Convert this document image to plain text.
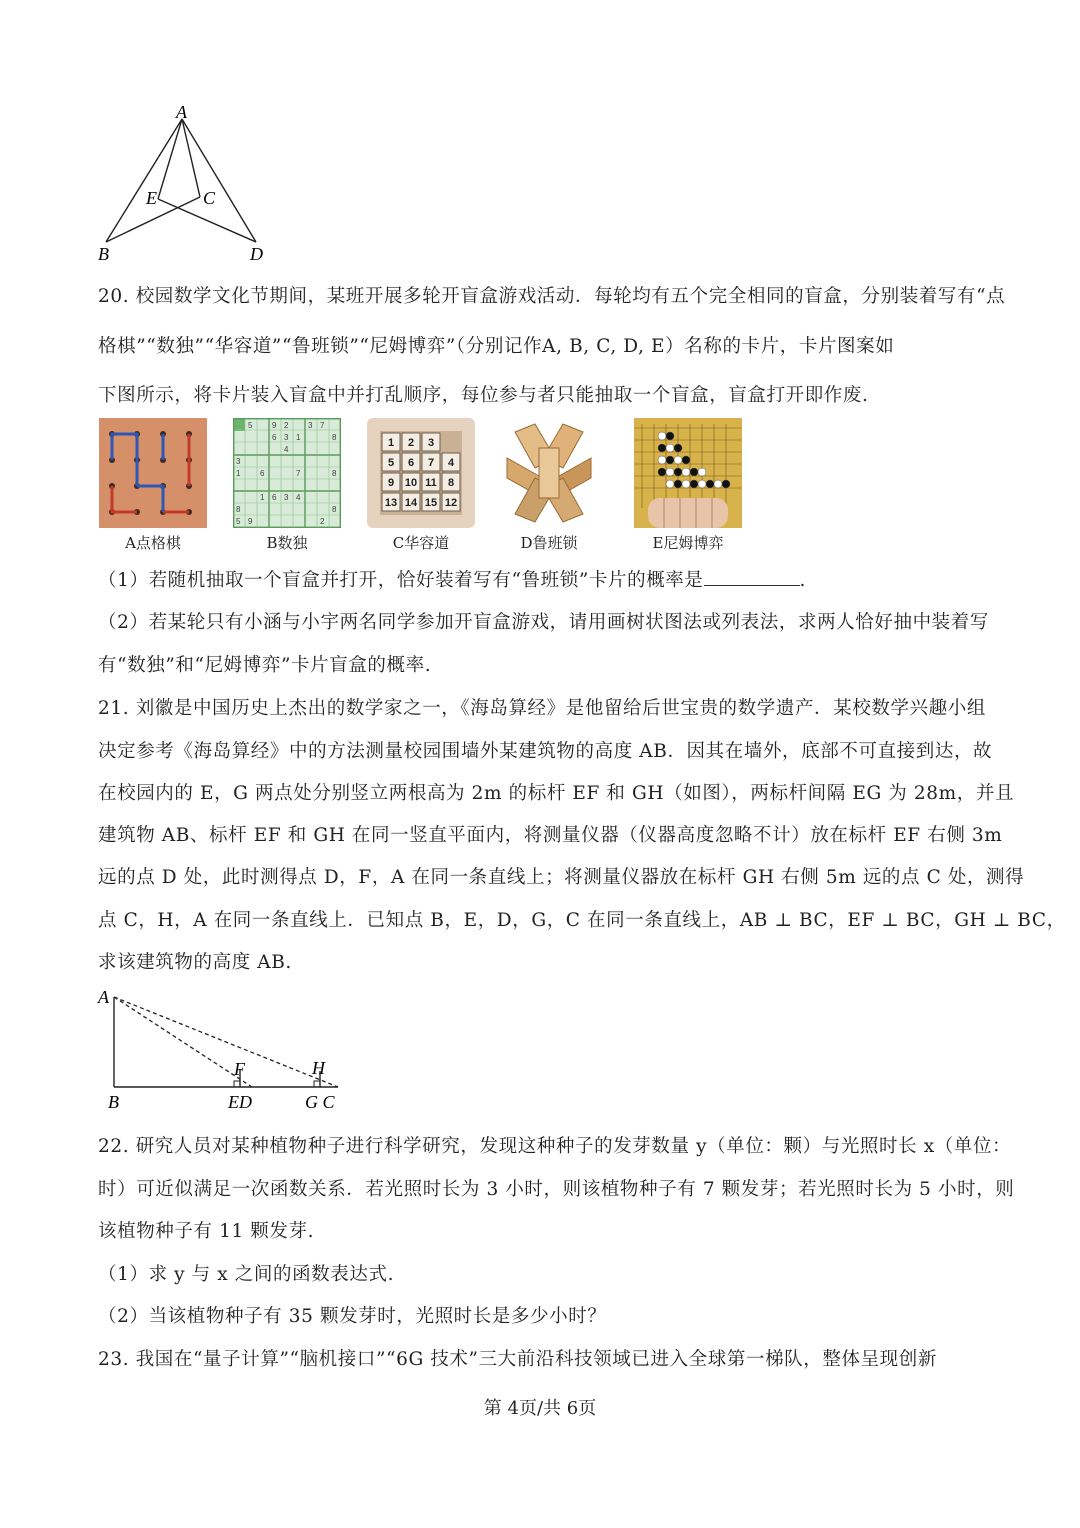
A
E	C
B	D
20. 校园数学文化节期间，某班开展多轮开盲盒游戏活动．每轮均有五个完全相同的盲盒，分别装着写有“点
格棋”“数独”“华容道”“鲁班锁”“尼姆博弈”（分别记作A, B, C, D, E）名称的卡片，卡片图案如
下图所示，将卡片装入盲盒中并打乱顺序，每位参与者只能抽取一个盲盒，盲盒打开即作废.
5 9 2 3 7
6 3 1	8
4
3
1 6	7	8
1 6 3 4
8	8
5 9	2
1 2 3
5 6 7 4
9 10 11 8
13 14 15 12
A点格棋	B数独	C华容道	D鲁班锁	E尼姆博弈
（1）若随机抽取一个盲盒并打开，恰好装着写有“鲁班锁”卡片的概率是	.
（2）若某轮只有小涵与小宇两名同学参加开盲盒游戏，请用画树状图法或列表法，求两人恰好抽中装着写
有“数独”和“尼姆博弈”卡片盲盒的概率.
21. 刘徽是中国历史上杰出的数学家之一，《海岛算经》是他留给后世宝贵的数学遗产．某校数学兴趣小组
决定参考《海岛算经》中的方法测量校园围墙外某建筑物的高度 AB．因其在墙外，底部不可直接到达，故
在校园内的 E，G 两点处分别竖立两根高为 2m 的标杆 EF 和 GH（如图），两标杆间隔 EG 为 28m，并且
建筑物 AB、标杆 EF 和 GH 在同一竖直平面内，将测量仪器（仪器高度忽略不计）放在标杆 EF 右侧 3m
远的点 D 处，此时测得点 D，F，A 在同一条直线上；将测量仪器放在标杆 GH 右侧 5m 远的点 C 处，测得
点 C，H，A 在同一条直线上．已知点 B，E，D，G，C 在同一条直线上，AB ⊥ BC，EF ⊥ BC，GH ⊥ BC，
求该建筑物的高度 AB.
A
B
F	H
ED	G C
22. 研究人员对某种植物种子进行科学研究，发现这种种子的发芽数量 y（单位：颗）与光照时长 x（单位：
时）可近似满足一次函数关系．若光照时长为 3 小时，则该植物种子有 7 颗发芽；若光照时长为 5 小时，则
该植物种子有 11 颗发芽.
（1）求 y 与 x 之间的函数表达式.
（2）当该植物种子有 35 颗发芽时，光照时长是多少小时？
23. 我国在“量子计算”“脑机接口”“6G 技术”三大前沿科技领域已进入全球第一梯队，整体呈现创新
第 4页/共 6页
